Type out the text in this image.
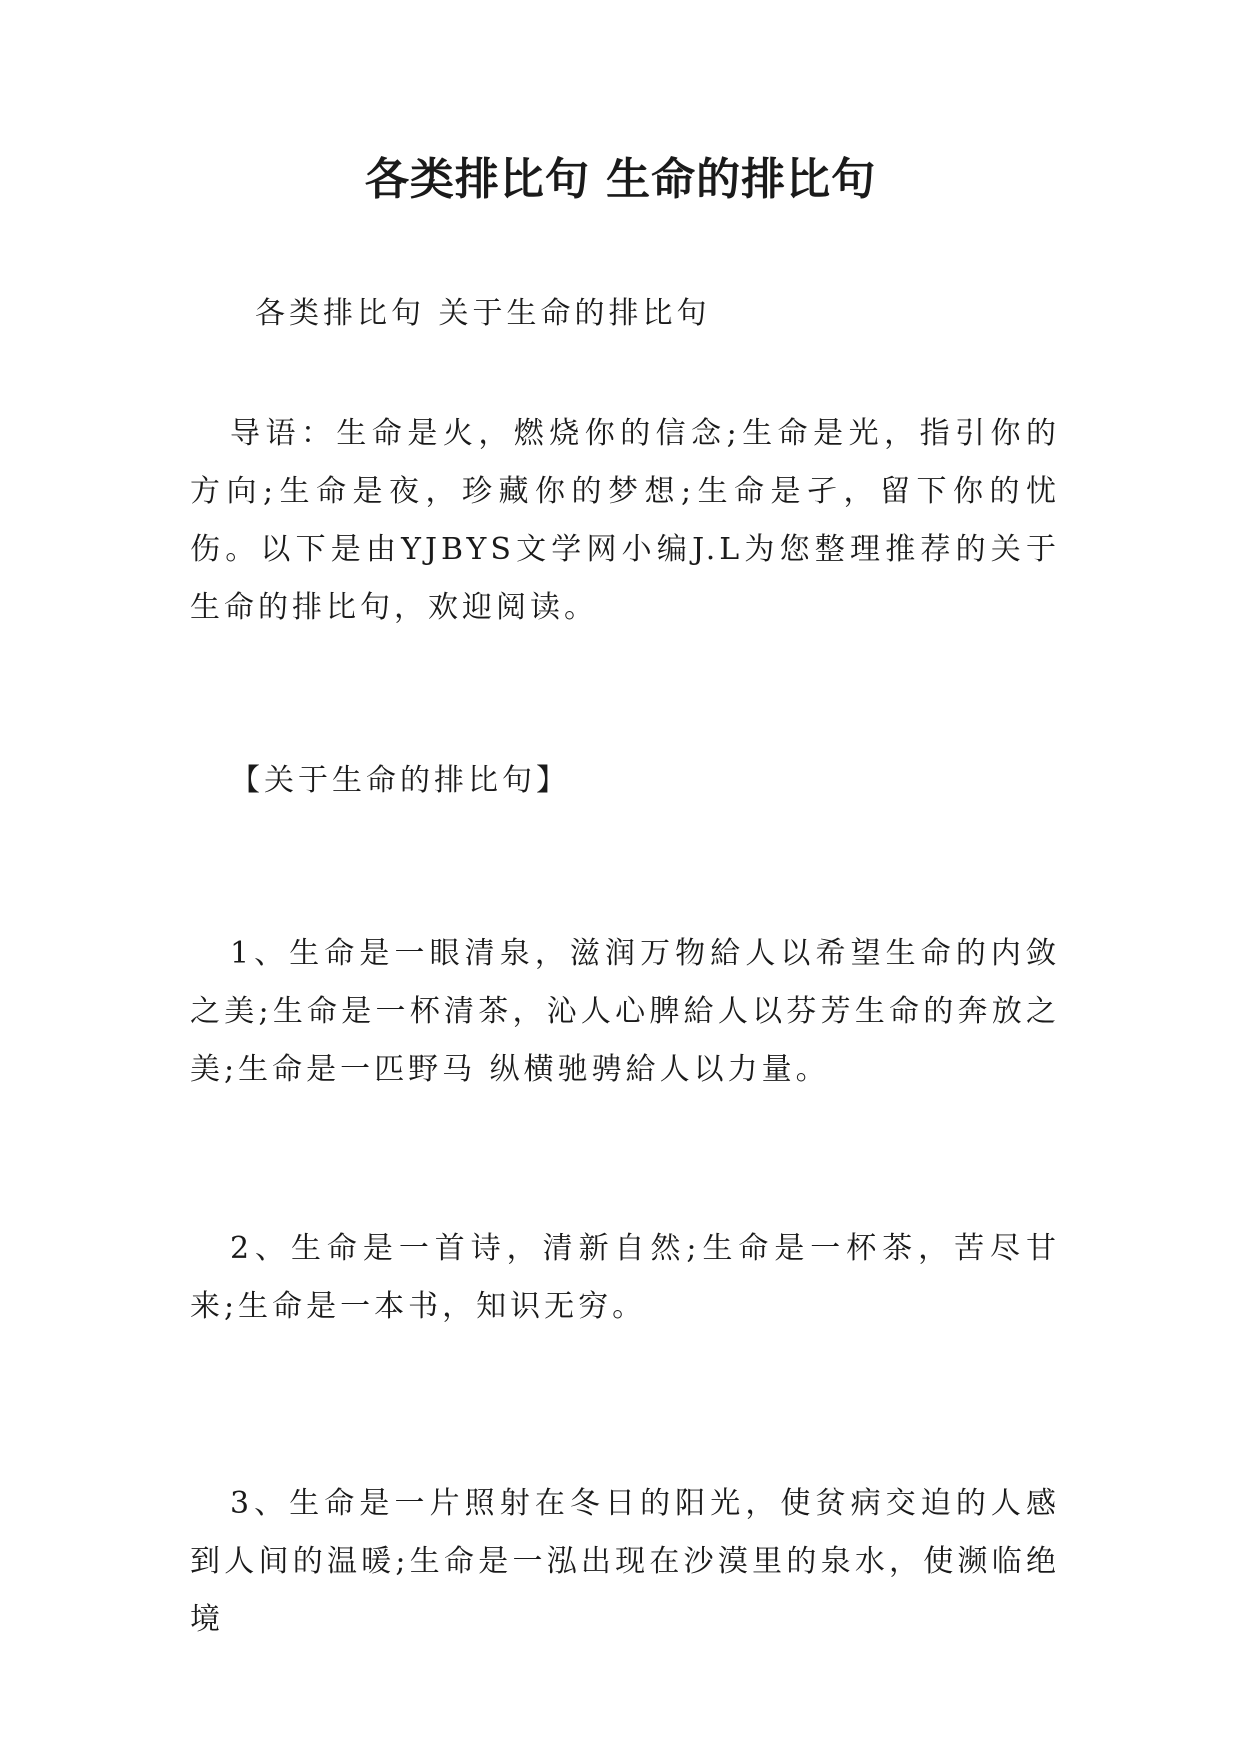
各类排比句 生命的排比句

各类排比句 关于生命的排比句

导语：生命是火，燃烧你的信念;生命是光，指引你的方向;生命是夜，珍藏你的梦想;生命是孑，留下你的忧伤。以下是由YJBYS文学网小编J.L为您整理推荐的关于生命的排比句，欢迎阅读。

【关于生命的排比句】

1、生命是一眼清泉，滋润万物給人以希望生命的内敛之美;生命是一杯清茶，沁人心脾給人以芬芳生命的奔放之美;生命是一匹野马 纵横驰骋給人以力量。

2、生命是一首诗，清新自然;生命是一杯茶，苦尽甘来;生命是一本书，知识无穷。

3、生命是一片照射在冬日的阳光，使贫病交迫的人感到人间的温暖;生命是一泓出现在沙漠里的泉水，使濒临绝境
